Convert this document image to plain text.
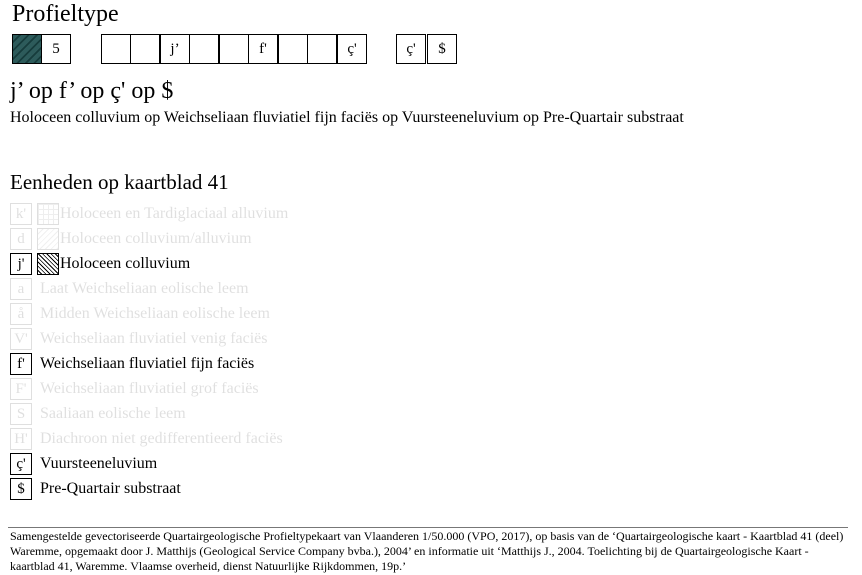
Profieltype
5	j’	f'	ç'	ç'	$
j’ op f’ op ç' op $
Holoceen colluvium op Weichseliaan fluviatiel fijn faciës op Vuursteeneluvium op Pre-Quartair substraat
Eenheden op kaartblad 41
k'	Holoceen en Tardiglaciaal alluvium
d	Holoceen colluvium/alluvium
j'	Holoceen colluvium
a Laat Weichseliaan eolische leem
å Midden Weichseliaan eolische leem
V' Weichseliaan fluviatiel venig faciës
f' Weichseliaan fluviatiel fijn faciës
F' Weichseliaan fluviatiel grof faciës
S Saaliaan eolische leem
H' Diachroon niet gedifferentieerd faciës
ç' Vuursteeneluvium
$ Pre-Quartair substraat
Samengestelde gevectoriseerde Quartairgeologische Profieltypekaart van Vlaanderen 1/50.000 (VPO, 2017), op basis van de ‘Quartairgeologische kaart - Kaartblad 41 (deel) Waremme, opgemaakt door J. Matthijs (Geological Service Company bvba.), 2004’ en informatie uit ‘Matthijs J., 2004. Toelichting bij de Quartairgeologische Kaart - kaartblad 41, Waremme. Vlaamse overheid, dienst Natuurlijke Rijkdommen, 19p.’
